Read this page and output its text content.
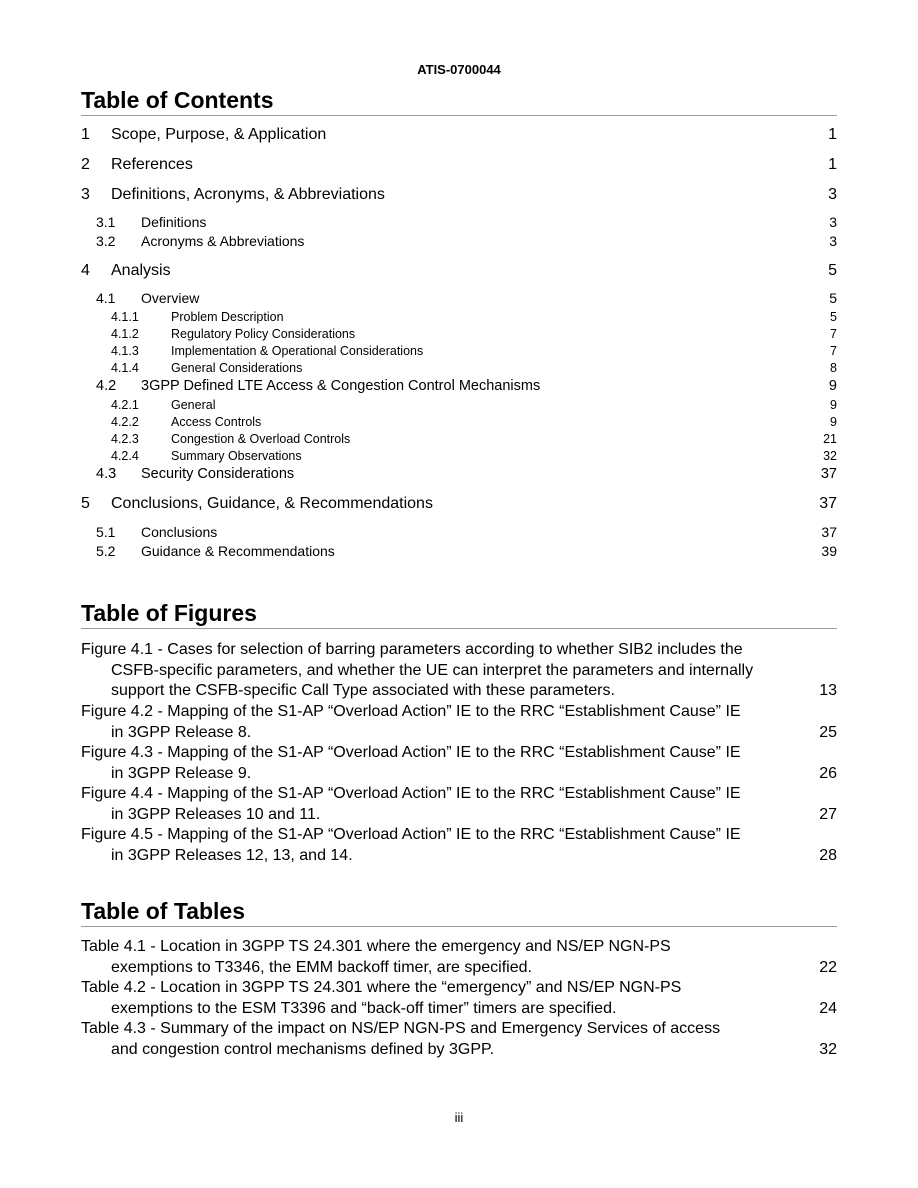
ATIS-0700044
Table of Contents
1	Scope, Purpose, & Application	1
2	References	1
3	Definitions, Acronyms, & Abbreviations	3
3.1	Definitions	3
3.2	Acronyms & Abbreviations	3
4	Analysis	5
4.1	Overview	5
4.1.1	Problem Description	5
4.1.2	Regulatory Policy Considerations	7
4.1.3	Implementation & Operational Considerations	7
4.1.4	General Considerations	8
4.2	3GPP Defined LTE Access & Congestion Control Mechanisms	9
4.2.1	General	9
4.2.2	Access Controls	9
4.2.3	Congestion & Overload Controls	21
4.2.4	Summary Observations	32
4.3	Security Considerations	37
5	Conclusions, Guidance, & Recommendations	37
5.1	Conclusions	37
5.2	Guidance & Recommendations	39
Table of Figures
Figure 4.1 - Cases for selection of barring parameters according to whether SIB2 includes the
CSFB-specific parameters, and whether the UE can interpret the parameters and internally
support the CSFB-specific Call Type associated with these parameters.	13
Figure 4.2 - Mapping of the S1-AP “Overload Action” IE to the RRC “Establishment Cause” IE
in 3GPP Release 8.	25
Figure 4.3 - Mapping of the S1-AP “Overload Action” IE to the RRC “Establishment Cause” IE
in 3GPP Release 9.	26
Figure 4.4 - Mapping of the S1-AP “Overload Action” IE to the RRC “Establishment Cause” IE
in 3GPP Releases 10 and 11.	27
Figure 4.5 - Mapping of the S1-AP “Overload Action” IE to the RRC “Establishment Cause” IE
in 3GPP Releases 12, 13, and 14.	28
Table of Tables
Table 4.1 - Location in 3GPP TS 24.301 where the emergency and NS/EP NGN-PS
exemptions to T3346, the EMM backoff timer, are specified.	22
Table 4.2 - Location in 3GPP TS 24.301 where the “emergency” and NS/EP NGN-PS
exemptions to the ESM T3396 and “back-off timer” timers are specified.	24
Table 4.3 - Summary of the impact on NS/EP NGN-PS and Emergency Services of access
and congestion control mechanisms defined by 3GPP.	32
iii
